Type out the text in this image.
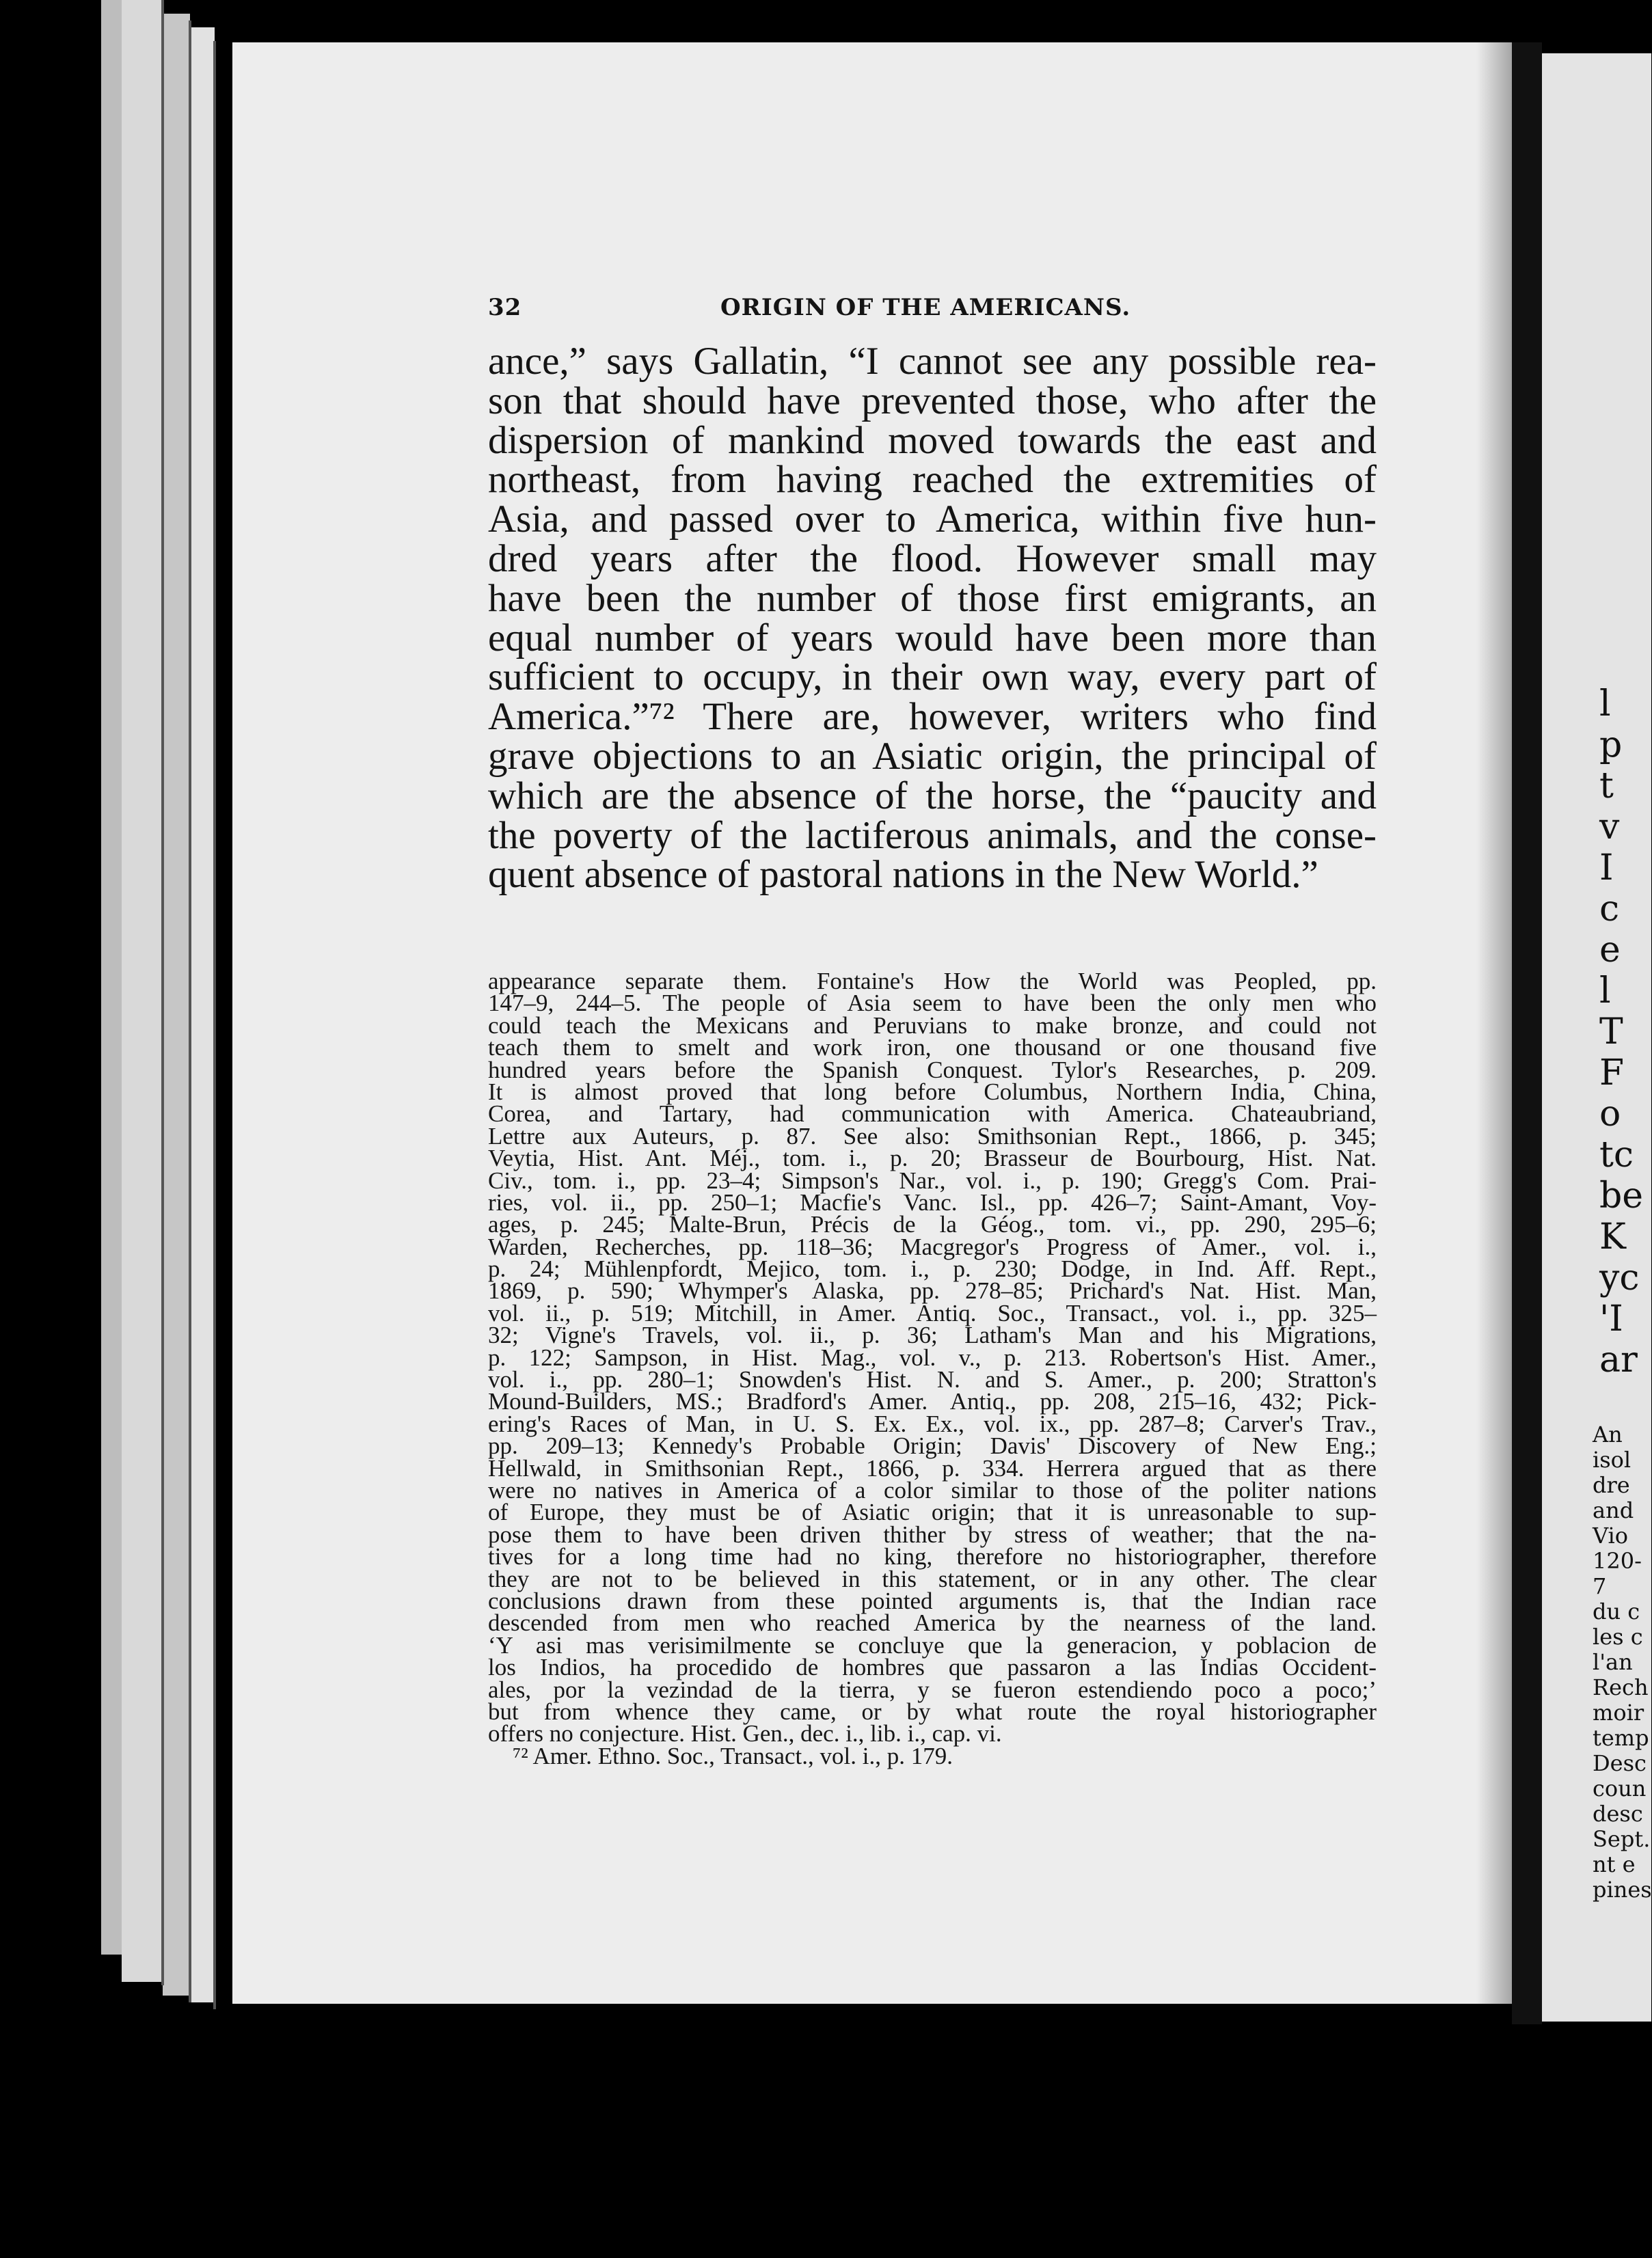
l
p
t
v
I
c
e
l
T
F
o
tc
be
K
yc
'I
ar
An
isol
dre
and
Vio
120-
7
du c
les c
l'an
Rech
moir
temp
Desc
coun
desc
Sept.
nt e
pines
32	ORIGIN OF THE AMERICANS.
ance,” says Gallatin, “I cannot see any possible rea-
son that should have prevented those, who after the
dispersion of mankind moved towards the east and
northeast, from having reached the extremities of
Asia, and passed over to America, within five hun-
dred years after the flood. However small may
have been the number of those first emigrants, an
equal number of years would have been more than
sufficient to occupy, in their own way, every part of
America.”⁷² There are, however, writers who find
grave objections to an Asiatic origin, the principal of
which are the absence of the horse, the “paucity and
the poverty of the lactiferous animals, and the conse-
quent absence of pastoral nations in the New World.”
appearance separate them. Fontaine's How the World was Peopled, pp.
147–9, 244–5. The people of Asia seem to have been the only men who
could teach the Mexicans and Peruvians to make bronze, and could not
teach them to smelt and work iron, one thousand or one thousand five
hundred years before the Spanish Conquest. Tylor's Researches, p. 209.
It is almost proved that long before Columbus, Northern India, China,
Corea, and Tartary, had communication with America. Chateaubriand,
Lettre aux Auteurs, p. 87. See also: Smithsonian Rept., 1866, p. 345;
Veytia, Hist. Ant. Méj., tom. i., p. 20; Brasseur de Bourbourg, Hist. Nat.
Civ., tom. i., pp. 23–4; Simpson's Nar., vol. i., p. 190; Gregg's Com. Prai-
ries, vol. ii., pp. 250–1; Macfie's Vanc. Isl., pp. 426–7; Saint-Amant, Voy-
ages, p. 245; Malte-Brun, Précis de la Géog., tom. vi., pp. 290, 295–6;
Warden, Recherches, pp. 118–36; Macgregor's Progress of Amer., vol. i.,
p. 24; Mühlenpfordt, Mejico, tom. i., p. 230; Dodge, in Ind. Aff. Rept.,
1869, p. 590; Whymper's Alaska, pp. 278–85; Prichard's Nat. Hist. Man,
vol. ii., p. 519; Mitchill, in Amer. Antiq. Soc., Transact., vol. i., pp. 325–
32; Vigne's Travels, vol. ii., p. 36; Latham's Man and his Migrations,
p. 122; Sampson, in Hist. Mag., vol. v., p. 213. Robertson's Hist. Amer.,
vol. i., pp. 280–1; Snowden's Hist. N. and S. Amer., p. 200; Stratton's
Mound-Builders, MS.; Bradford's Amer. Antiq., pp. 208, 215–16, 432; Pick-
ering's Races of Man, in U. S. Ex. Ex., vol. ix., pp. 287–8; Carver's Trav.,
pp. 209–13; Kennedy's Probable Origin; Davis' Discovery of New Eng.;
Hellwald, in Smithsonian Rept., 1866, p. 334. Herrera argued that as there
were no natives in America of a color similar to those of the politer nations
of Europe, they must be of Asiatic origin; that it is unreasonable to sup-
pose them to have been driven thither by stress of weather; that the na-
tives for a long time had no king, therefore no historiographer, therefore
they are not to be believed in this statement, or in any other. The clear
conclusions drawn from these pointed arguments is, that the Indian race
descended from men who reached America by the nearness of the land.
‘Y asi mas verisimilmente se concluye que la generacion, y poblacion de
los Indios, ha procedido de hombres que passaron a las Indias Occident-
ales, por la vezindad de la tierra, y se fueron estendiendo poco a poco;’
but from whence they came, or by what route the royal historiographer
offers no conjecture. Hist. Gen., dec. i., lib. i., cap. vi.
⁷² Amer. Ethno. Soc., Transact., vol. i., p. 179.
